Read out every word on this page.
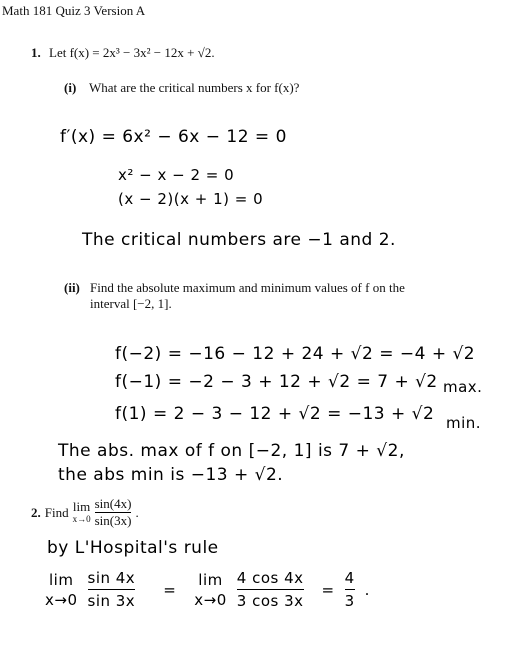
Math 181 Quiz 3 Version A
1. Let f(x) = 2x³ − 3x² − 12x + √2.
(i) What are the critical numbers x for f(x)?
f′(x) = 6x² − 6x − 12 = 0
x² − x − 2 = 0
(x − 2)(x + 1) = 0
The critical numbers are −1 and 2.
(ii) Find the absolute maximum and minimum values of f on the
interval [−2, 1].
f(−2) = −16 − 12 + 24 + √2 = −4 + √2
f(−1) = −2 − 3 + 12 + √2 = 7 + √2 max.
f(1) = 2 − 3 − 12 + √2 = −13 + √2 min.
The abs. max of f on [−2, 1] is 7 + √2,
the abs min is −13 + √2.
2. Find lim
$x\to 0 \frac{\sin(4x)}{\sin(3x)}$ .
by L'Hospital's rule
lim
$x\to 0 \frac{\sin 4x}{\sin 3x}$ =
lim
$x\to 0 \frac{4 \cos 4x}{3 \cos 3x} = \frac{4}{3}$ .
